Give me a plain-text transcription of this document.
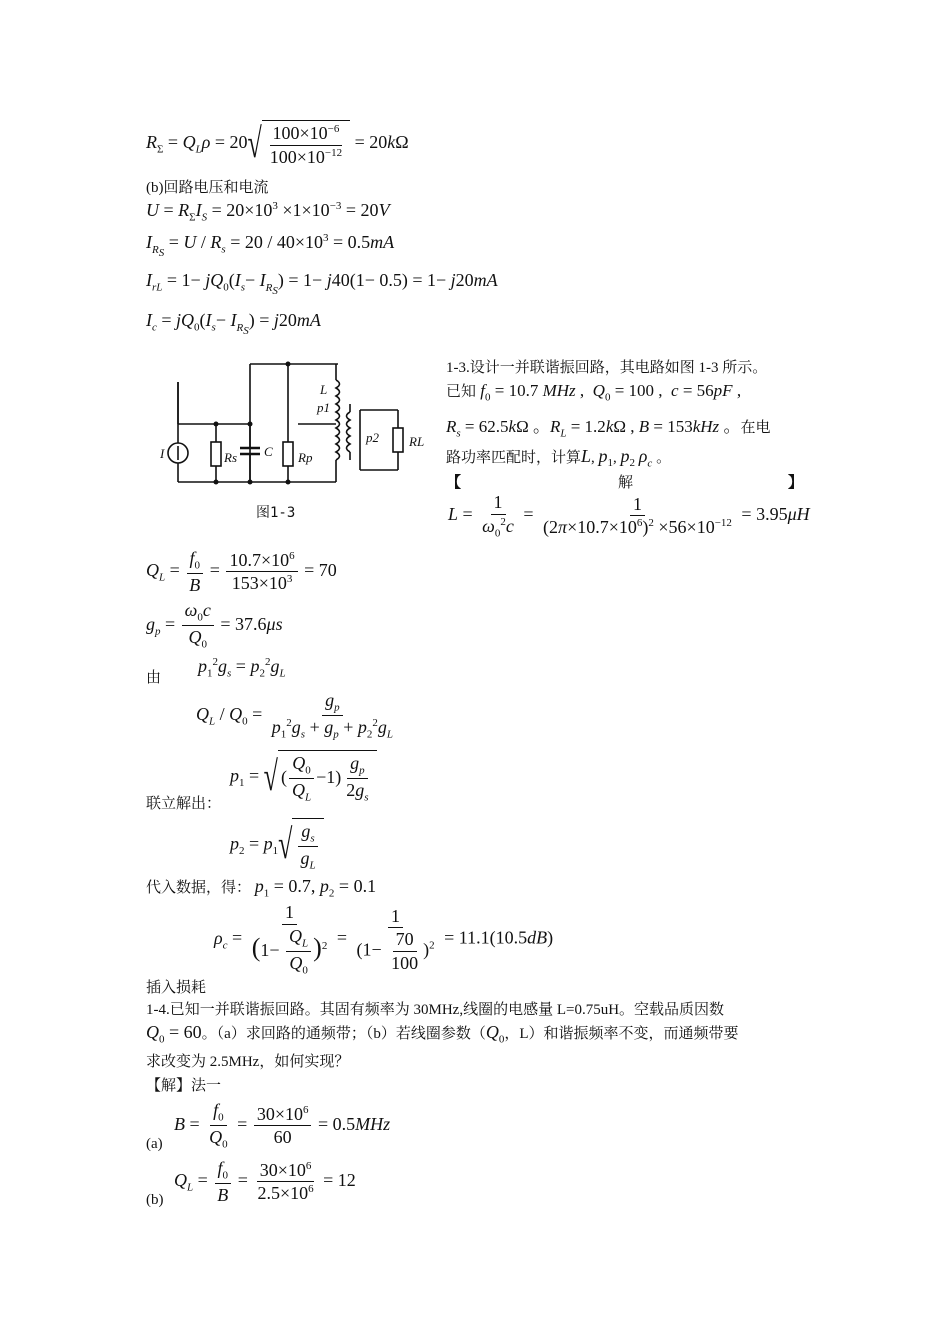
$R_\Sigma = Q_L\rho = 20$ √ $\frac{100\times 10^{-6}}{100\times 10^{-12}} = 20k\Omega$
(b)回路电压和电流
$U = R_\Sigma I_S = 20\times 10^3 \times 1\times 10^{-3} = 20V$
$I_{R_S} = U / R_s = 20 / 40\times 10^3 = 0.5mA$
$I_{rL} = 1- jQ_0(I_s- I_{R_S}) = 1- j40(1- 0.5) = 1- j20mA$
$I_c = jQ_0(I_s- I_{R_S}) = j20mA$
I	Rs C Rp
L
p1
p2 RL
图1-3
1-3.设计一并联谐振回路，其电路如图 1-3 所示。
已知 $f_0 = 10.7$ MHz ,  $Q_0 = 100$ ,  c = 56pF ,
$R_s = 62.5k\Omega$ 。$R_L = 1.2k\Omega$ , B = 153kHz 。在电
路功率匹配时，计算L, $p_1$, $p_2$ $\rho_c$ 。
【	解	】
$L = \frac{1}{\omega_0^2c} = \frac{1}{(2\pi\times 10.7\times 10^6)^2 \times 56\times 10^{-12}} = 3.95\mu H$
$Q_L = \frac{f_0}{B} = \frac{10.7\times 10^6}{153\times 10^3} = 70$
$g_p = \frac{\omega_0c}{Q_0} = 37.6\mu s$
由
$p_1^2g_s = p_2^2g_L$
$Q_L / Q_0 = \frac{g_p}{p_1^2g_s + g_p + p_2^2g_L}$
$p_1$ = √ ( $\frac{Q_0}{Q_L} -1) \frac{g_p}{2g_s}$
联立解出：
$p_2 = p_1$ √ $\frac{g_s}{g_L}$
代入数据，得： $p_1 = 0.7$, $p_2 = 0.1$
$\rho_c = \frac{1}{(1- \frac{Q_L}{Q_0} )^2} = \frac{1}{(1- \frac{70}{100} )^2} = 11.1(10.5dB)$
插入损耗
1-4.已知一并联谐振回路。其固有频率为 30MHz,线圈的电感量 L=0.75uH。空载品质因数
$Q_0 = 60$。（a）求回路的通频带；（b）若线圈参数（$Q_0$，L）和谐振频率不变，而通频带要
求改变为 2.5MHz，如何实现？
【解】法一
$B = \frac{f_0}{Q_0} = \frac{30\times 10^6}{60} = 0.5MHz$
(a)
$Q_L = \frac{f_0}{B} = \frac{30\times 10^6}{2.5\times 10^6} = 12$
(b)
